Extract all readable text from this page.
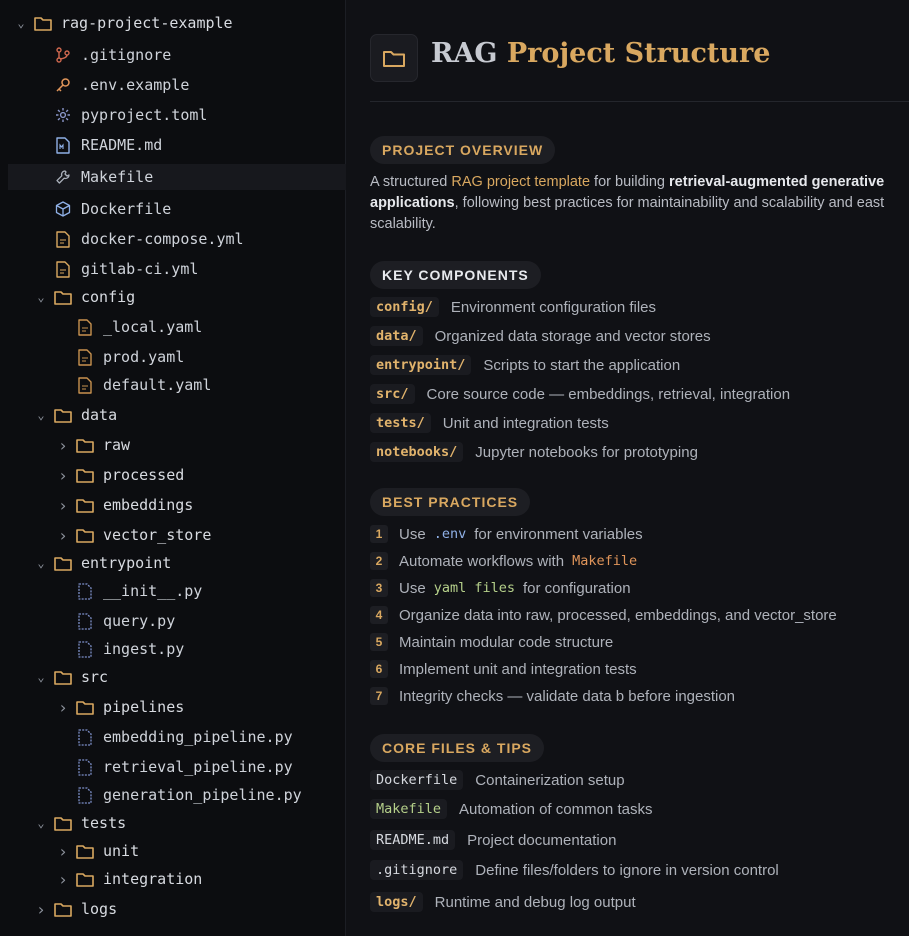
⌄ rag-project-example
.gitignore
.env.example
pyproject.toml
README.md
Makefile
Dockerfile
docker-compose.yml
gitlab-ci.yml
⌄ config
_local.yaml
prod.yaml
default.yaml
⌄ data
› raw
› processed
› embeddings
› vector_store
⌄ entrypoint
__init__.py
query.py
ingest.py
⌄ src
› pipelines
embedding_pipeline.py
retrieval_pipeline.py
generation_pipeline.py
⌄ tests
› unit
› integration
› logs
RAG Project Structure
PROJECT OVERVIEW
A structured RAG project template for building retrieval-augmented generative applications, following best practices for maintainability and scalability and east scalability.
KEY COMPONENTS
config/	Environment configuration files
data/	Organized data storage and vector stores
entrypoint/	Scripts to start the application
src/	Core source code — embeddings, retrieval, integration
tests/	Unit and integration tests
notebooks/	Jupyter notebooks for prototyping
BEST PRACTICES
1	Use .env for environment variables
2	Automate workflows with Makefile
3	Use yaml files for configuration
4	Organize data into raw, processed, embeddings, and vector_store
5	Maintain modular code structure
6	Implement unit and integration tests
7	Integrity checks — validate data b before ingestion
CORE FILES & TIPS
Dockerfile	Containerization setup
Makefile	Automation of common tasks
README.md	Project documentation
.gitignore	Define files/folders to ignore in version control
logs/	Runtime and debug log output
